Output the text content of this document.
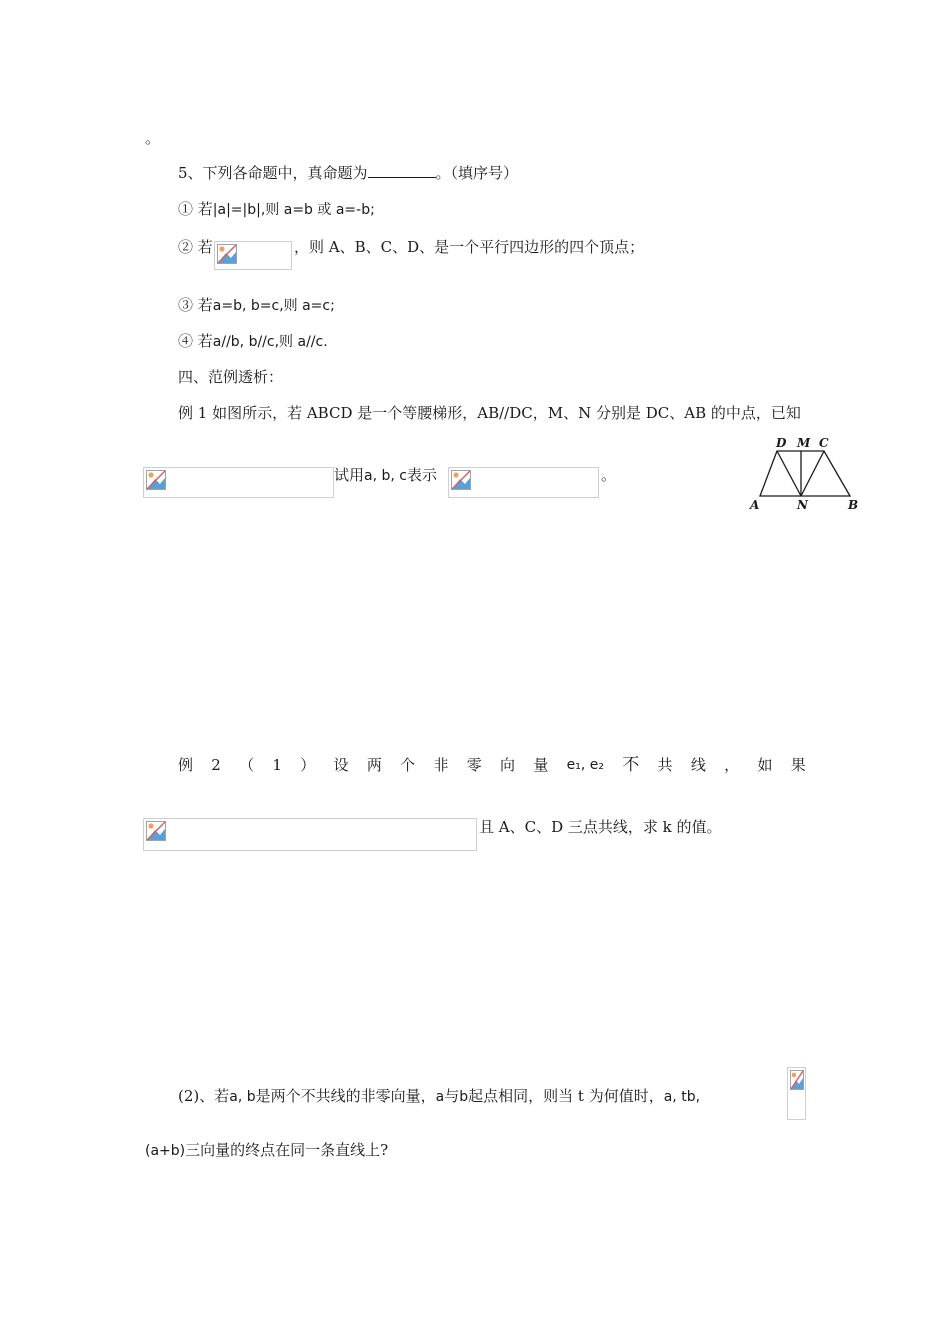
。
5、下列各命题中，真命题为	。（填序号）
① 若|a|=|b|,则 a=b 或 a=-b;
② 若	，则 A、B、C、D、是一个平行四边形的四个顶点；
③ 若a=b, b=c,则 a=c;
④ 若a//b, b//c,则 a//c.
四、范例透析：
例 1 如图所示，若 ABCD 是一个等腰梯形，AB//DC，M、N 分别是 DC、AB 的中点，已知
试用a, b, c表示	。
D M C
A	N	B
例 2 （ 1 ） 设 两 个 非 零 向 量 e₁, e₂ 不 共 线 ， 如 果
且 A、C、D 三点共线，求 k 的值。
(2)、若a, b是两个不共线的非零向量，a与b起点相同，则当 t 为何值时，a, tb,
(a+b)三向量的终点在同一条直线上?
